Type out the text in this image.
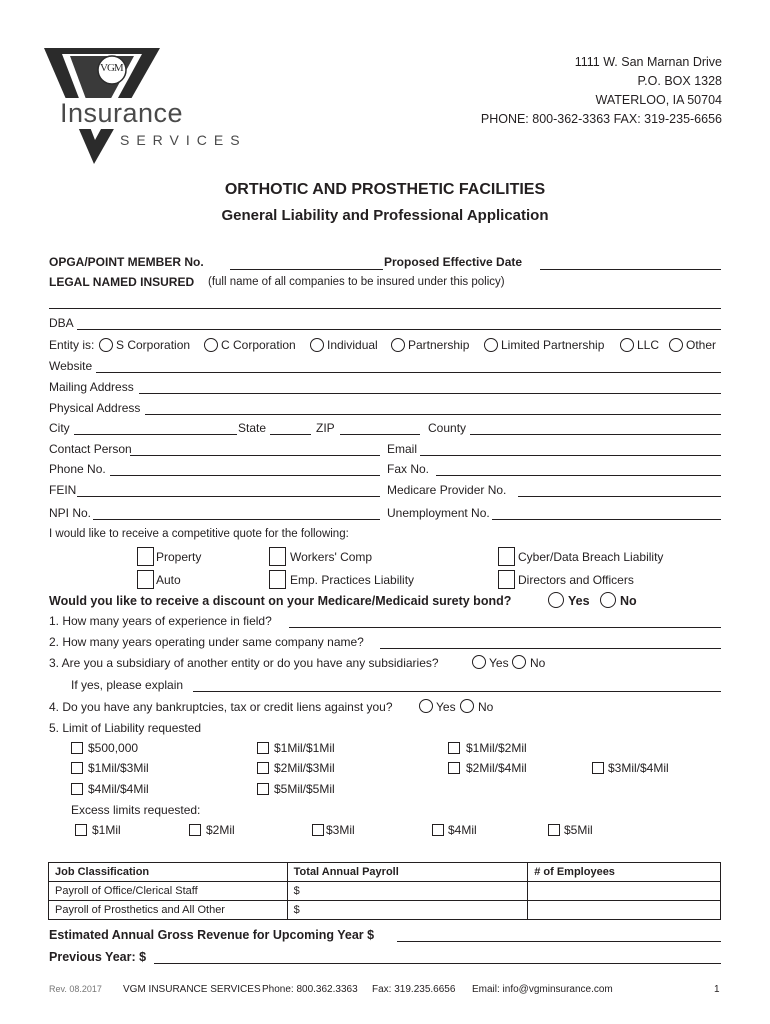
VGM
Insurance
SERVICES
1111 W. San Marnan Drive
P.O. BOX 1328
WATERLOO, IA 50704
PHONE: 800-362-3363 FAX: 319-235-6656
ORTHOTIC AND PROSTHETIC FACILITIES
General Liability and Professional Application
OPGA/POINT MEMBER No.	Proposed Effective Date
LEGAL NAMED INSURED (full name of all companies to be insured under this policy)
DBA
Entity is: S Corporation	C Corporation	Individual	Partnership	Limited Partnership	LLC Other
Website
Mailing Address
Physical Address
City	State	ZIP	County
Contact Person	Email
Phone No.	Fax No.
FEIN	Medicare Provider No.
NPI No.	Unemployment No.
I would like to receive a competitive quote for the following:
Property	Workers' Comp	Cyber/Data Breach Liability
Auto	Emp. Practices Liability	Directors and Officers
Would you like to receive a discount on your Medicare/Medicaid surety bond?	Yes No
1. How many years of experience in field?
2. How many years operating under same company name?
3. Are you a subsidiary of another entity or do you have any subsidiaries?	Yes No
If yes, please explain
4. Do you have any bankruptcies, tax or credit liens against you?	Yes No
5. Limit of Liability requested
$500,000	$1Mil/$1Mil	$1Mil/$2Mil
$1Mil/$3Mil	$2Mil/$3Mil	$2Mil/$4Mil	$3Mil/$4Mil
$4Mil/$4Mil	$5Mil/$5Mil
Excess limits requested:
$1Mil	$2Mil	$3Mil	$4Mil	$5Mil
Job Classification	Total Annual Payroll	# of Employees
Payroll of Office/Clerical Staff	$	
Payroll of Prosthetics and All Other	$	
Estimated Annual Gross Revenue for Upcoming Year $
Previous Year: $
Rev. 08.2017 VGM INSURANCE SERVICES Phone: 800.362.3363 Fax: 319.235.6656 Email: info@vgminsurance.com	1
